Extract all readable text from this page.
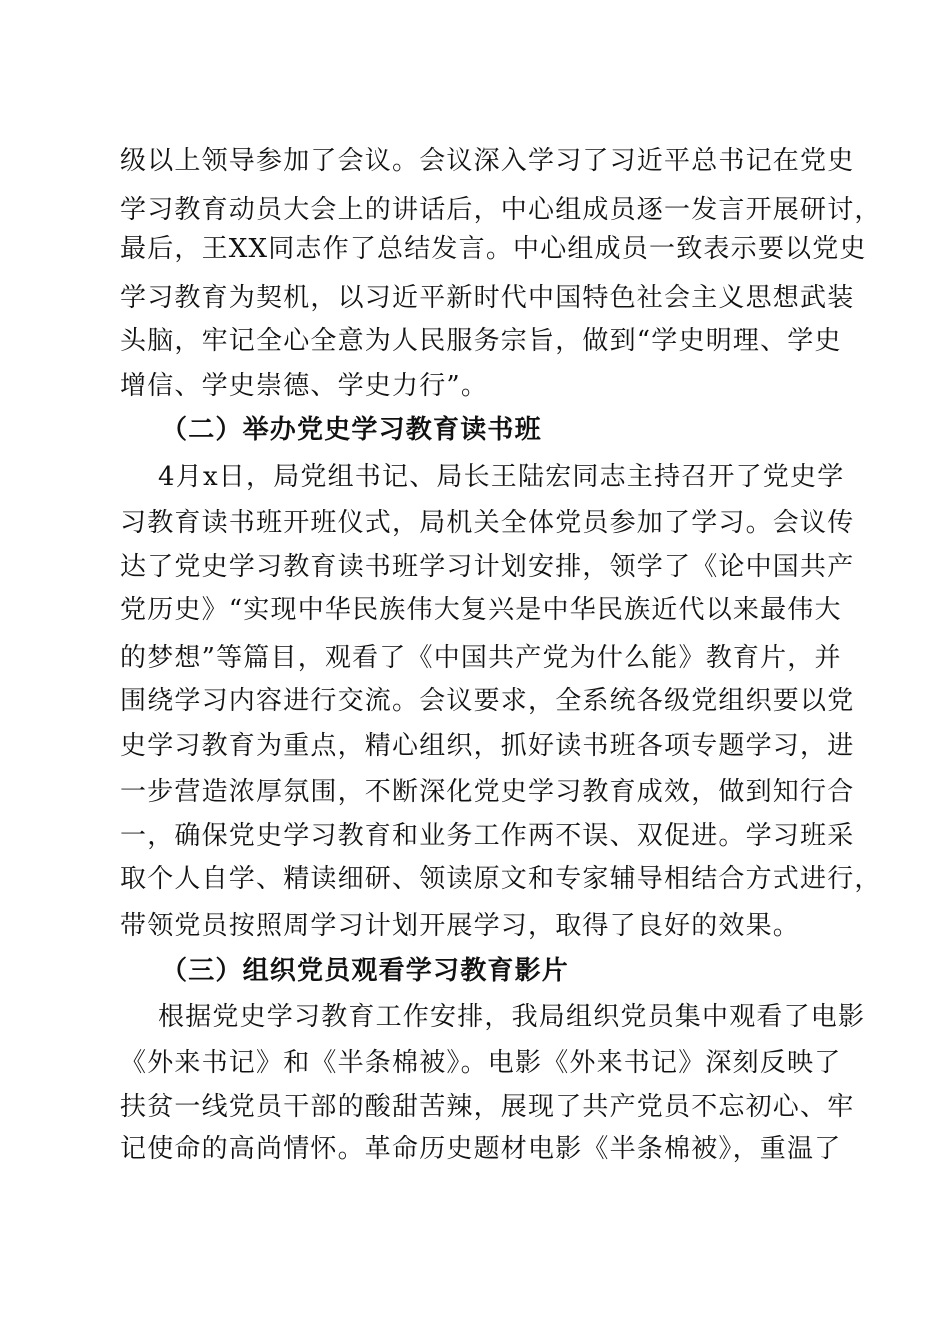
级以上领导参加了会议。会议深入学习了习近平总书记在党史
学习教育动员大会上的讲话后，中心组成员逐一发言开展研讨，
最后，王XX同志作了总结发言。中心组成员一致表示要以党史
学习教育为契机，以习近平新时代中国特色社会主义思想武装
头脑，牢记全心全意为人民服务宗旨，做到“学史明理、学史
增信、学史崇德、学史力行”。
（二）举办党史学习教育读书班
4月x日，局党组书记、局长王陆宏同志主持召开了党史学
习教育读书班开班仪式，局机关全体党员参加了学习。会议传
达了党史学习教育读书班学习计划安排，领学了《论中国共产
党历史》“实现中华民族伟大复兴是中华民族近代以来最伟大
的梦想”等篇目，观看了《中国共产党为什么能》教育片，并
围绕学习内容进行交流。会议要求，全系统各级党组织要以党
史学习教育为重点，精心组织，抓好读书班各项专题学习，进
一步营造浓厚氛围，不断深化党史学习教育成效，做到知行合
一，确保党史学习教育和业务工作两不误、双促进。学习班采
取个人自学、精读细研、领读原文和专家辅导相结合方式进行，
带领党员按照周学习计划开展学习，取得了良好的效果。
（三）组织党员观看学习教育影片
根据党史学习教育工作安排，我局组织党员集中观看了电影
《外来书记》和《半条棉被》。电影《外来书记》深刻反映了
扶贫一线党员干部的酸甜苦辣，展现了共产党员不忘初心、牢
记使命的高尚情怀。革命历史题材电影《半条棉被》，重温了
